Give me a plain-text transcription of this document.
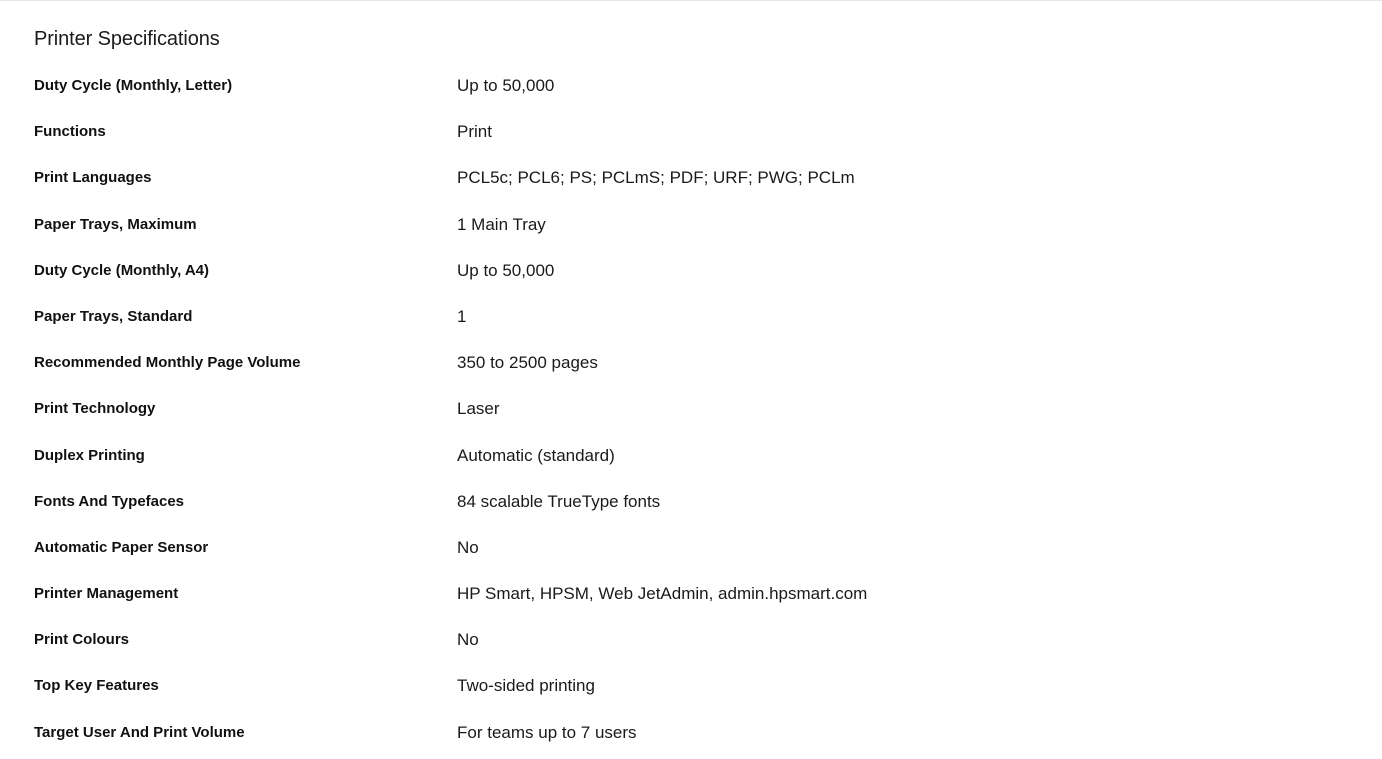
Printer Specifications
Duty Cycle (Monthly, Letter)	Up to 50,000
Functions	Print
Print Languages	PCL5c; PCL6; PS; PCLmS; PDF; URF; PWG; PCLm
Paper Trays, Maximum	1 Main Tray
Duty Cycle (Monthly, A4)	Up to 50,000
Paper Trays, Standard	1
Recommended Monthly Page Volume	350 to 2500 pages
Print Technology	Laser
Duplex Printing	Automatic (standard)
Fonts And Typefaces	84 scalable TrueType fonts
Automatic Paper Sensor	No
Printer Management	HP Smart, HPSM, Web JetAdmin, admin.hpsmart.com
Print Colours	No
Top Key Features	Two-sided printing
Target User And Print Volume	For teams up to 7 users
